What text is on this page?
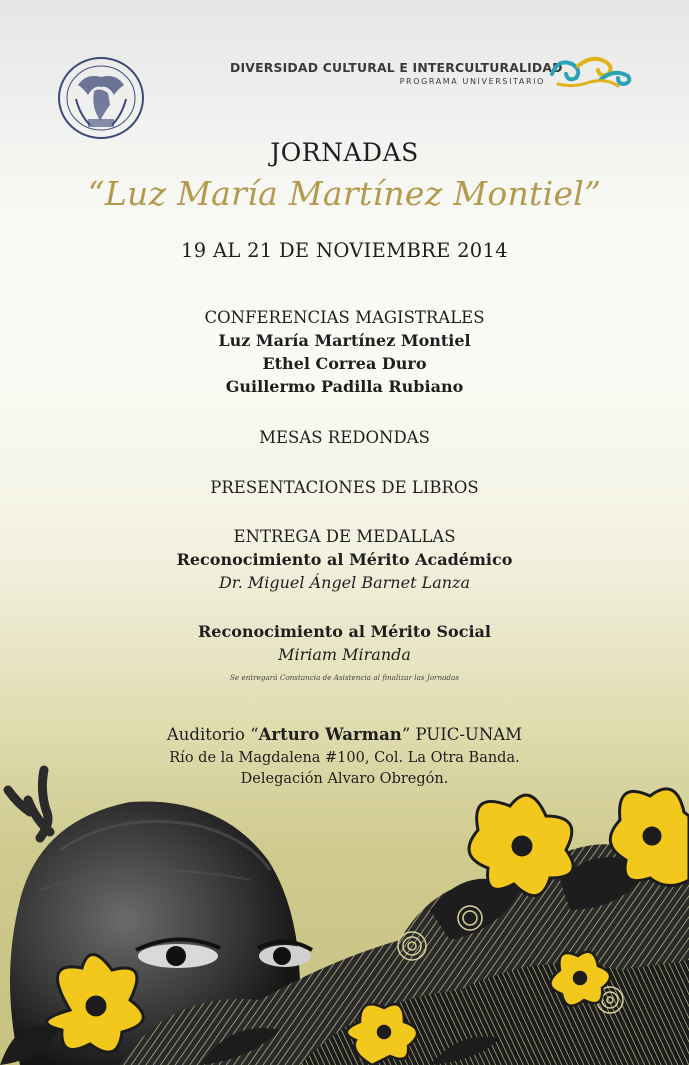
DIVERSIDAD CULTURAL E INTERCULTURALIDAD
PROGRAMA UNIVERSITARIO
JORNADAS
“Luz María Martínez Montiel”
19 AL 21 DE NOVIEMBRE 2014
CONFERENCIAS MAGISTRALES
Luz María Martínez Montiel
Ethel Correa Duro
Guillermo Padilla Rubiano
MESAS REDONDAS
PRESENTACIONES DE LIBROS
ENTREGA DE MEDALLAS
Reconocimiento al Mérito Académico
Dr. Miguel Ángel Barnet Lanza
Reconocimiento al Mérito Social
Miriam Miranda
Se entregará Constancia de Asistencia al finalizar las Jornadas
Auditorio “Arturo Warman” PUIC-UNAM
Río de la Magdalena #100, Col. La Otra Banda.
Delegación Alvaro Obregón.
